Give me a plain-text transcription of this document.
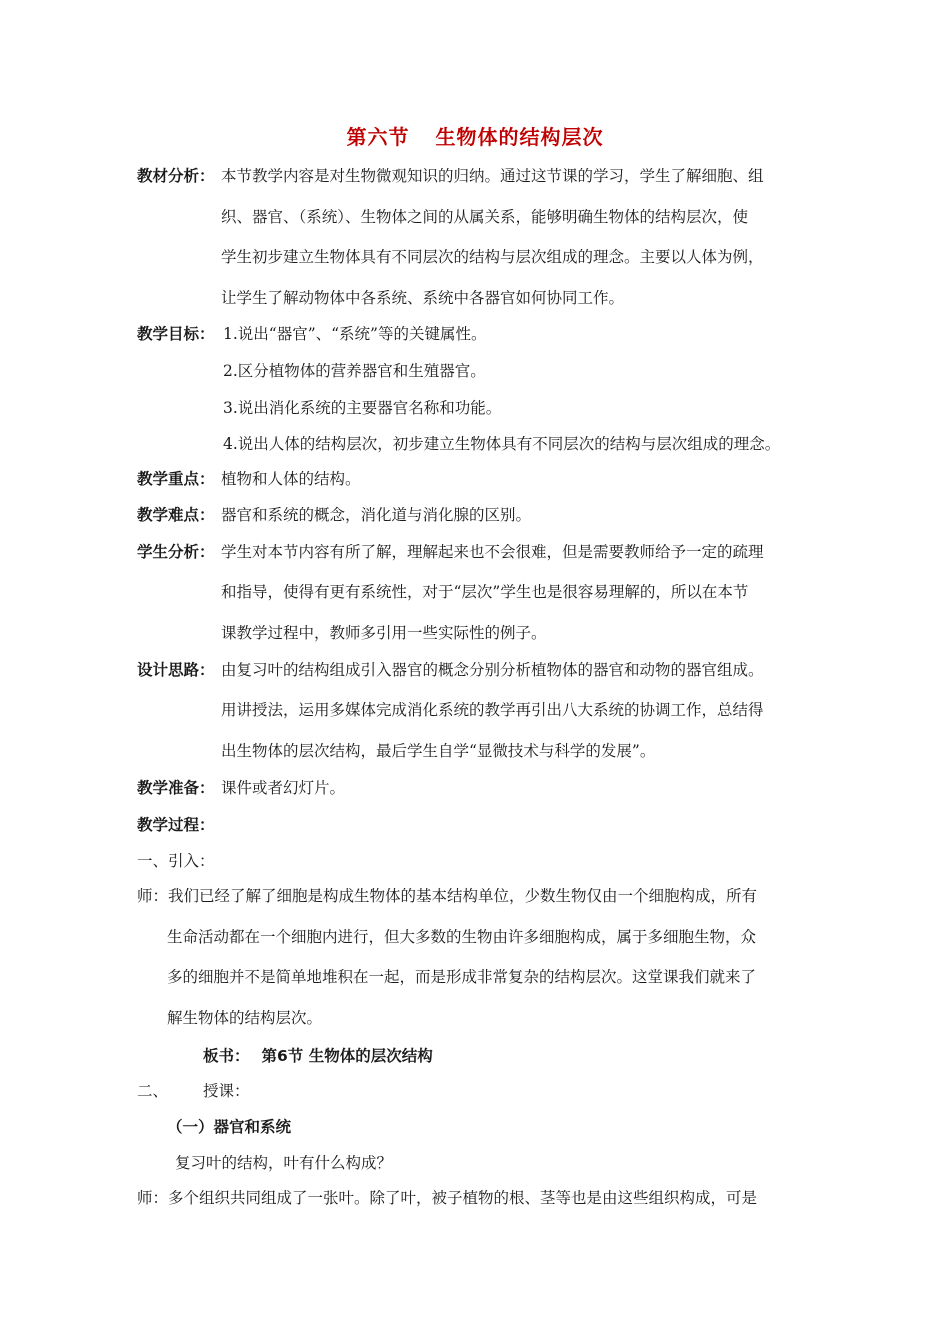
第六节 生物体的结构层次
教材分析： 本节教学内容是对生物微观知识的归纳。通过这节课的学习，学生了解细胞、组
织、器官、（系统）、生物体之间的从属关系，能够明确生物体的结构层次，使
学生初步建立生物体具有不同层次的结构与层次组成的理念。主要以人体为例，
让学生了解动物体中各系统、系统中各器官如何协同工作。
教学目标： 1.说出“器官”、“系统”等的关键属性。
2.区分植物体的营养器官和生殖器官。
3.说出消化系统的主要器官名称和功能。
4.说出人体的结构层次，初步建立生物体具有不同层次的结构与层次组成的理念。
教学重点： 植物和人体的结构。
教学难点： 器官和系统的概念，消化道与消化腺的区别。
学生分析： 学生对本节内容有所了解，理解起来也不会很难，但是需要教师给予一定的疏理
和指导，使得有更有系统性，对于“层次”学生也是很容易理解的，所以在本节
课教学过程中，教师多引用一些实际性的例子。
设计思路： 由复习叶的结构组成引入器官的概念分别分析植物体的器官和动物的器官组成。
用讲授法，运用多媒体完成消化系统的教学再引出八大系统的协调工作，总结得
出生物体的层次结构，最后学生自学“显微技术与科学的发展”。
教学准备： 课件或者幻灯片。
教学过程：
一、引入：
师：我们已经了解了细胞是构成生物体的基本结构单位，少数生物仅由一个细胞构成，所有
生命活动都在一个细胞内进行，但大多数的生物由许多细胞构成，属于多细胞生物，众
多的细胞并不是简单地堆积在一起，而是形成非常复杂的结构层次。这堂课我们就来了
解生物体的结构层次。
板书： 第6节 生物体的层次结构
二、 授课：
（一）器官和系统
复习叶的结构，叶有什么构成？
师：多个组织共同组成了一张叶。除了叶，被子植物的根、茎等也是由这些组织构成，可是
